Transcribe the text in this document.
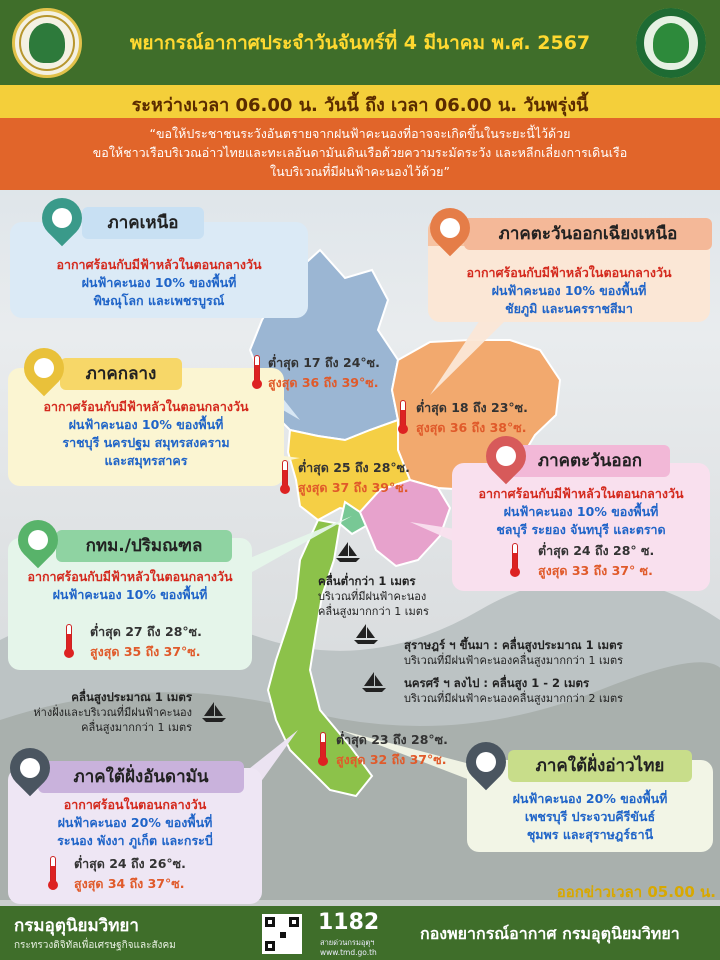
พยากรณ์อากาศประจำวันจันทร์ที่ 4 มีนาคม พ.ศ. 2567
ระหว่างเวลา 06.00 น. วันนี้ ถึง เวลา 06.00 น. วันพรุ่งนี้

“ขอให้ประชาชนระวังอันตรายจากฝนฟ้าคะนองที่อาจจะเกิดขึ้นในระยะนี้ไว้ด้วย

ขอให้ชาวเรือบริเวณอ่าวไทยและทะเลอันดามันเดินเรือด้วยความระมัดระวัง และหลีกเลี่ยงการเดินเรือ

ในบริเวณที่มีฝนฟ้าคะนองไว้ด้วย”

อากาศร้อนกับมีฟ้าหลัวในตอนกลางวัน
ฝนฟ้าคะนอง 10% ของพื้นที่
พิษณุโลก และเพชรบูรณ์
ภาคเหนือ
อากาศร้อนกับมีฟ้าหลัวในตอนกลางวัน
ฝนฟ้าคะนอง 10% ของพื้นที่
ชัยภูมิ และนครราชสีมา
ภาคตะวันออกเฉียงเหนือ
อากาศร้อนกับมีฟ้าหลัวในตอนกลางวัน
ฝนฟ้าคะนอง 10% ของพื้นที่
ราชบุรี นครปฐม สมุทรสงคราม
และสมุทรสาคร
ภาคกลาง
อากาศร้อนกับมีฟ้าหลัวในตอนกลางวัน
ฝนฟ้าคะนอง 10% ของพื้นที่
ชลบุรี ระยอง จันทบุรี และตราด
ต่ำสุด 24 ถึง 28° ซ.
สูงสุด 33 ถึง 37° ซ.
ภาคตะวันออก
อากาศร้อนกับมีฟ้าหลัวในตอนกลางวัน
ฝนฟ้าคะนอง 10% ของพื้นที่
ต่ำสุด 27 ถึง 28°ซ.
สูงสุด 35 ถึง 37°ซ.
กทม./ปริมณฑล
อากาศร้อนในตอนกลางวัน
ฝนฟ้าคะนอง 20% ของพื้นที่
ระนอง พังงา ภูเก็ต และกระบี่
ต่ำสุด 24 ถึง 26°ซ.
สูงสุด 34 ถึง 37°ซ.
ภาคใต้ฝั่งอันดามัน
ฝนฟ้าคะนอง 20% ของพื้นที่
เพชรบุรี ประจวบคีรีขันธ์
ชุมพร และสุราษฎร์ธานี
ภาคใต้ฝั่งอ่าวไทย
ต่ำสุด 17 ถึง 24°ซ.
สูงสุด 36 ถึง 39°ซ.
ต่ำสุด 18 ถึง 23°ซ.
สูงสุด 36 ถึง 38°ซ.
ต่ำสุด 25 ถึง 28°ซ.
สูงสุด 37 ถึง 39°ซ.
ต่ำสุด 23 ถึง 28°ซ.
สูงสุด 32 ถึง 37°ซ.
คลื่นต่ำกว่า 1 เมตร
บริเวณที่มีฝนฟ้าคะนอง
คลื่นสูงมากกว่า 1 เมตร
สุราษฎร์ ฯ ขึ้นมา : คลื่นสูงประมาณ 1 เมตร
บริเวณที่มีฝนฟ้าคะนองคลื่นสูงมากกว่า 1 เมตร
นครศรี ฯ ลงไป : คลื่นสูง 1 - 2 เมตร
บริเวณที่มีฝนฟ้าคะนองคลื่นสูงมากกว่า 2 เมตร
คลื่นสูงประมาณ 1 เมตร
ห่างฝั่งและบริเวณที่มีฝนฟ้าคะนอง
คลื่นสูงมากกว่า 1 เมตร
ออกข่าวเวลา 05.00 น.
กรมอุตุนิยมวิทยา
กระทรวงดิจิทัลเพื่อเศรษฐกิจและสังคม
1182
สายด่วนกรมอุตุฯ
www.tmd.go.th
กองพยากรณ์อากาศ กรมอุตุนิยมวิทยา
